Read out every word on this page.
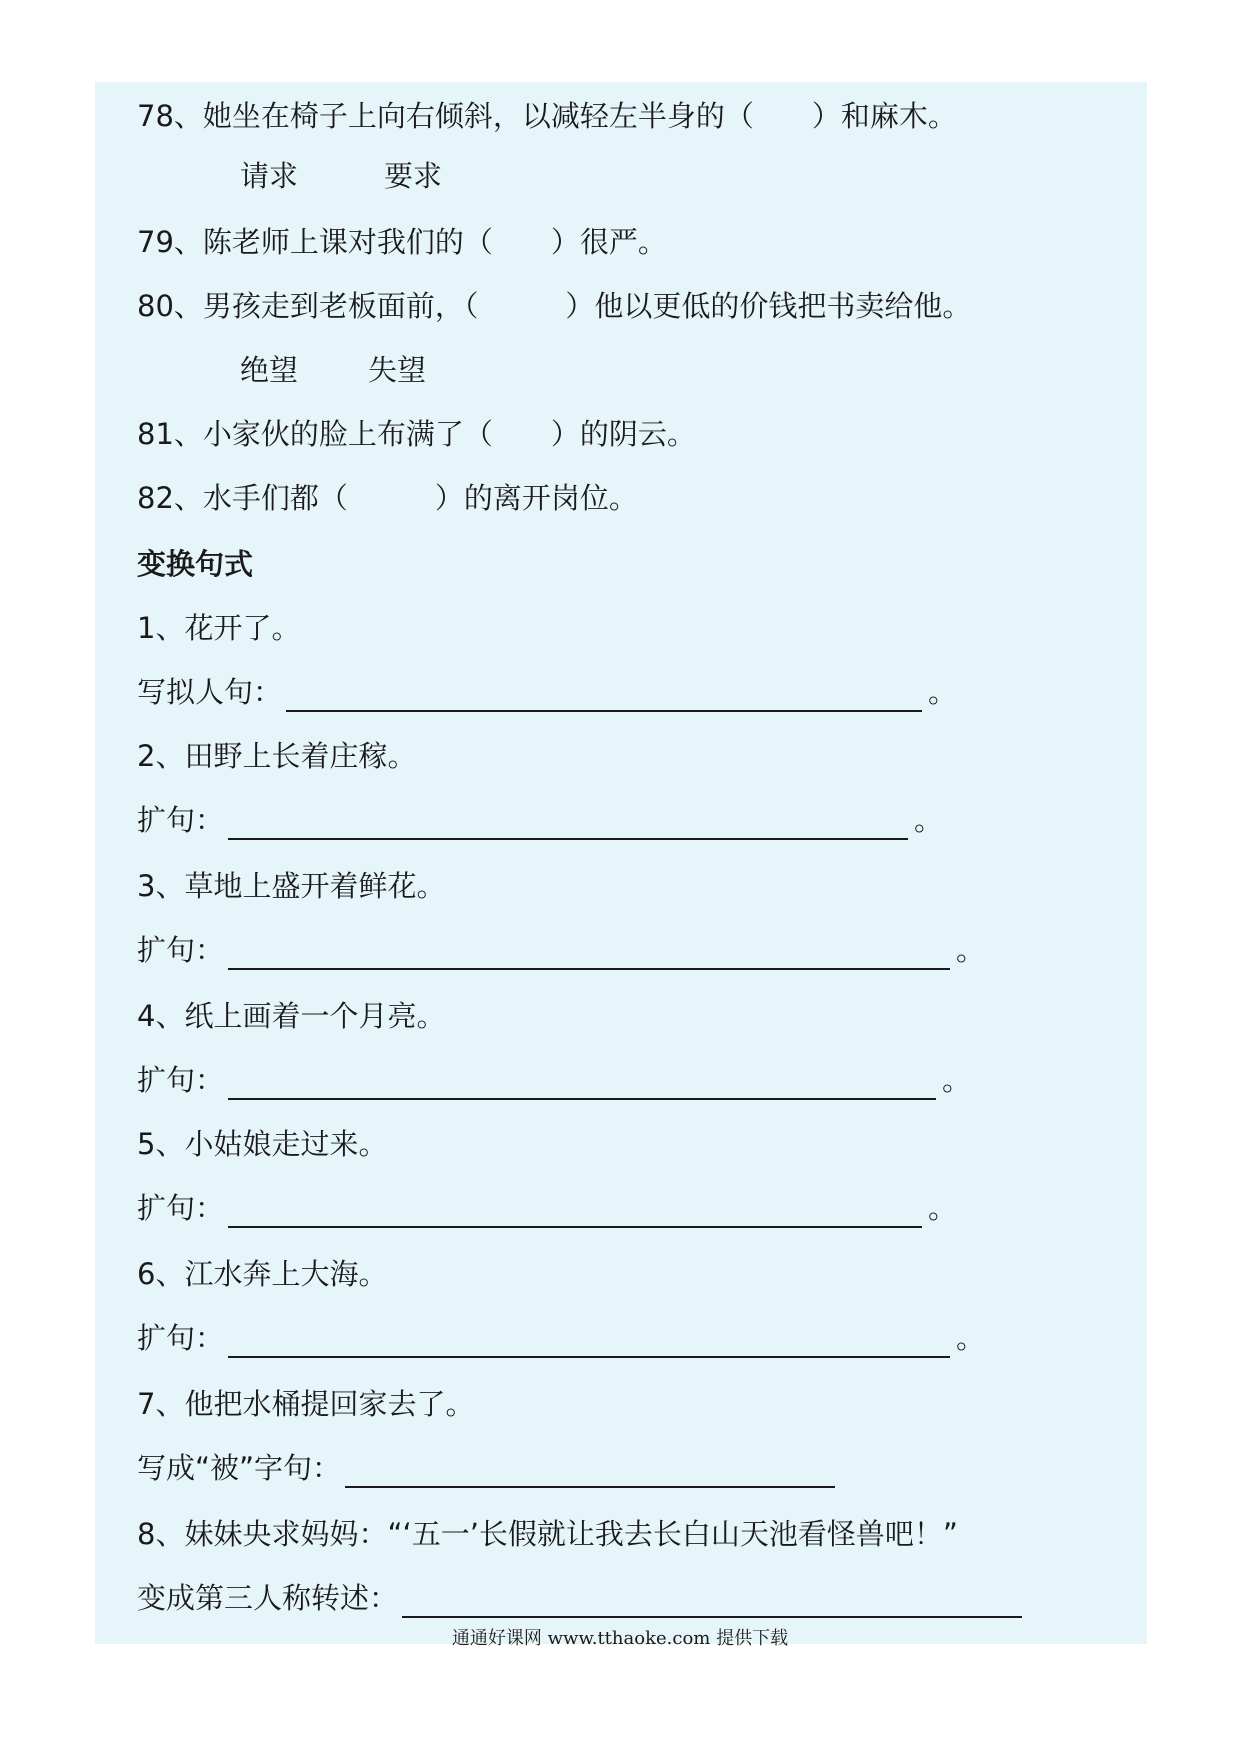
78、她坐在椅子上向右倾斜，以减轻左半身的（　　）和麻木。
请求	要求
79、陈老师上课对我们的（　　）很严。
80、男孩走到老板面前，（　　　）他以更低的价钱把书卖给他。
绝望 失望
81、小家伙的脸上布满了（　　）的阴云。
82、水手们都（　　　）的离开岗位。
变换句式
1、花开了。
写拟人句：	。
2、田野上长着庄稼。
扩句：	。
3、草地上盛开着鲜花。
扩句：	。
4、纸上画着一个月亮。
扩句：	。
5、小姑娘走过来。
扩句：	。
6、江水奔上大海。
扩句：	。
7、他把水桶提回家去了。
写成“被”字句：
8、妹妹央求妈妈：“‘五一’长假就让我去长白山天池看怪兽吧！”
变成第三人称转述：
通通好课网 www.tthaoke.com 提供下载
